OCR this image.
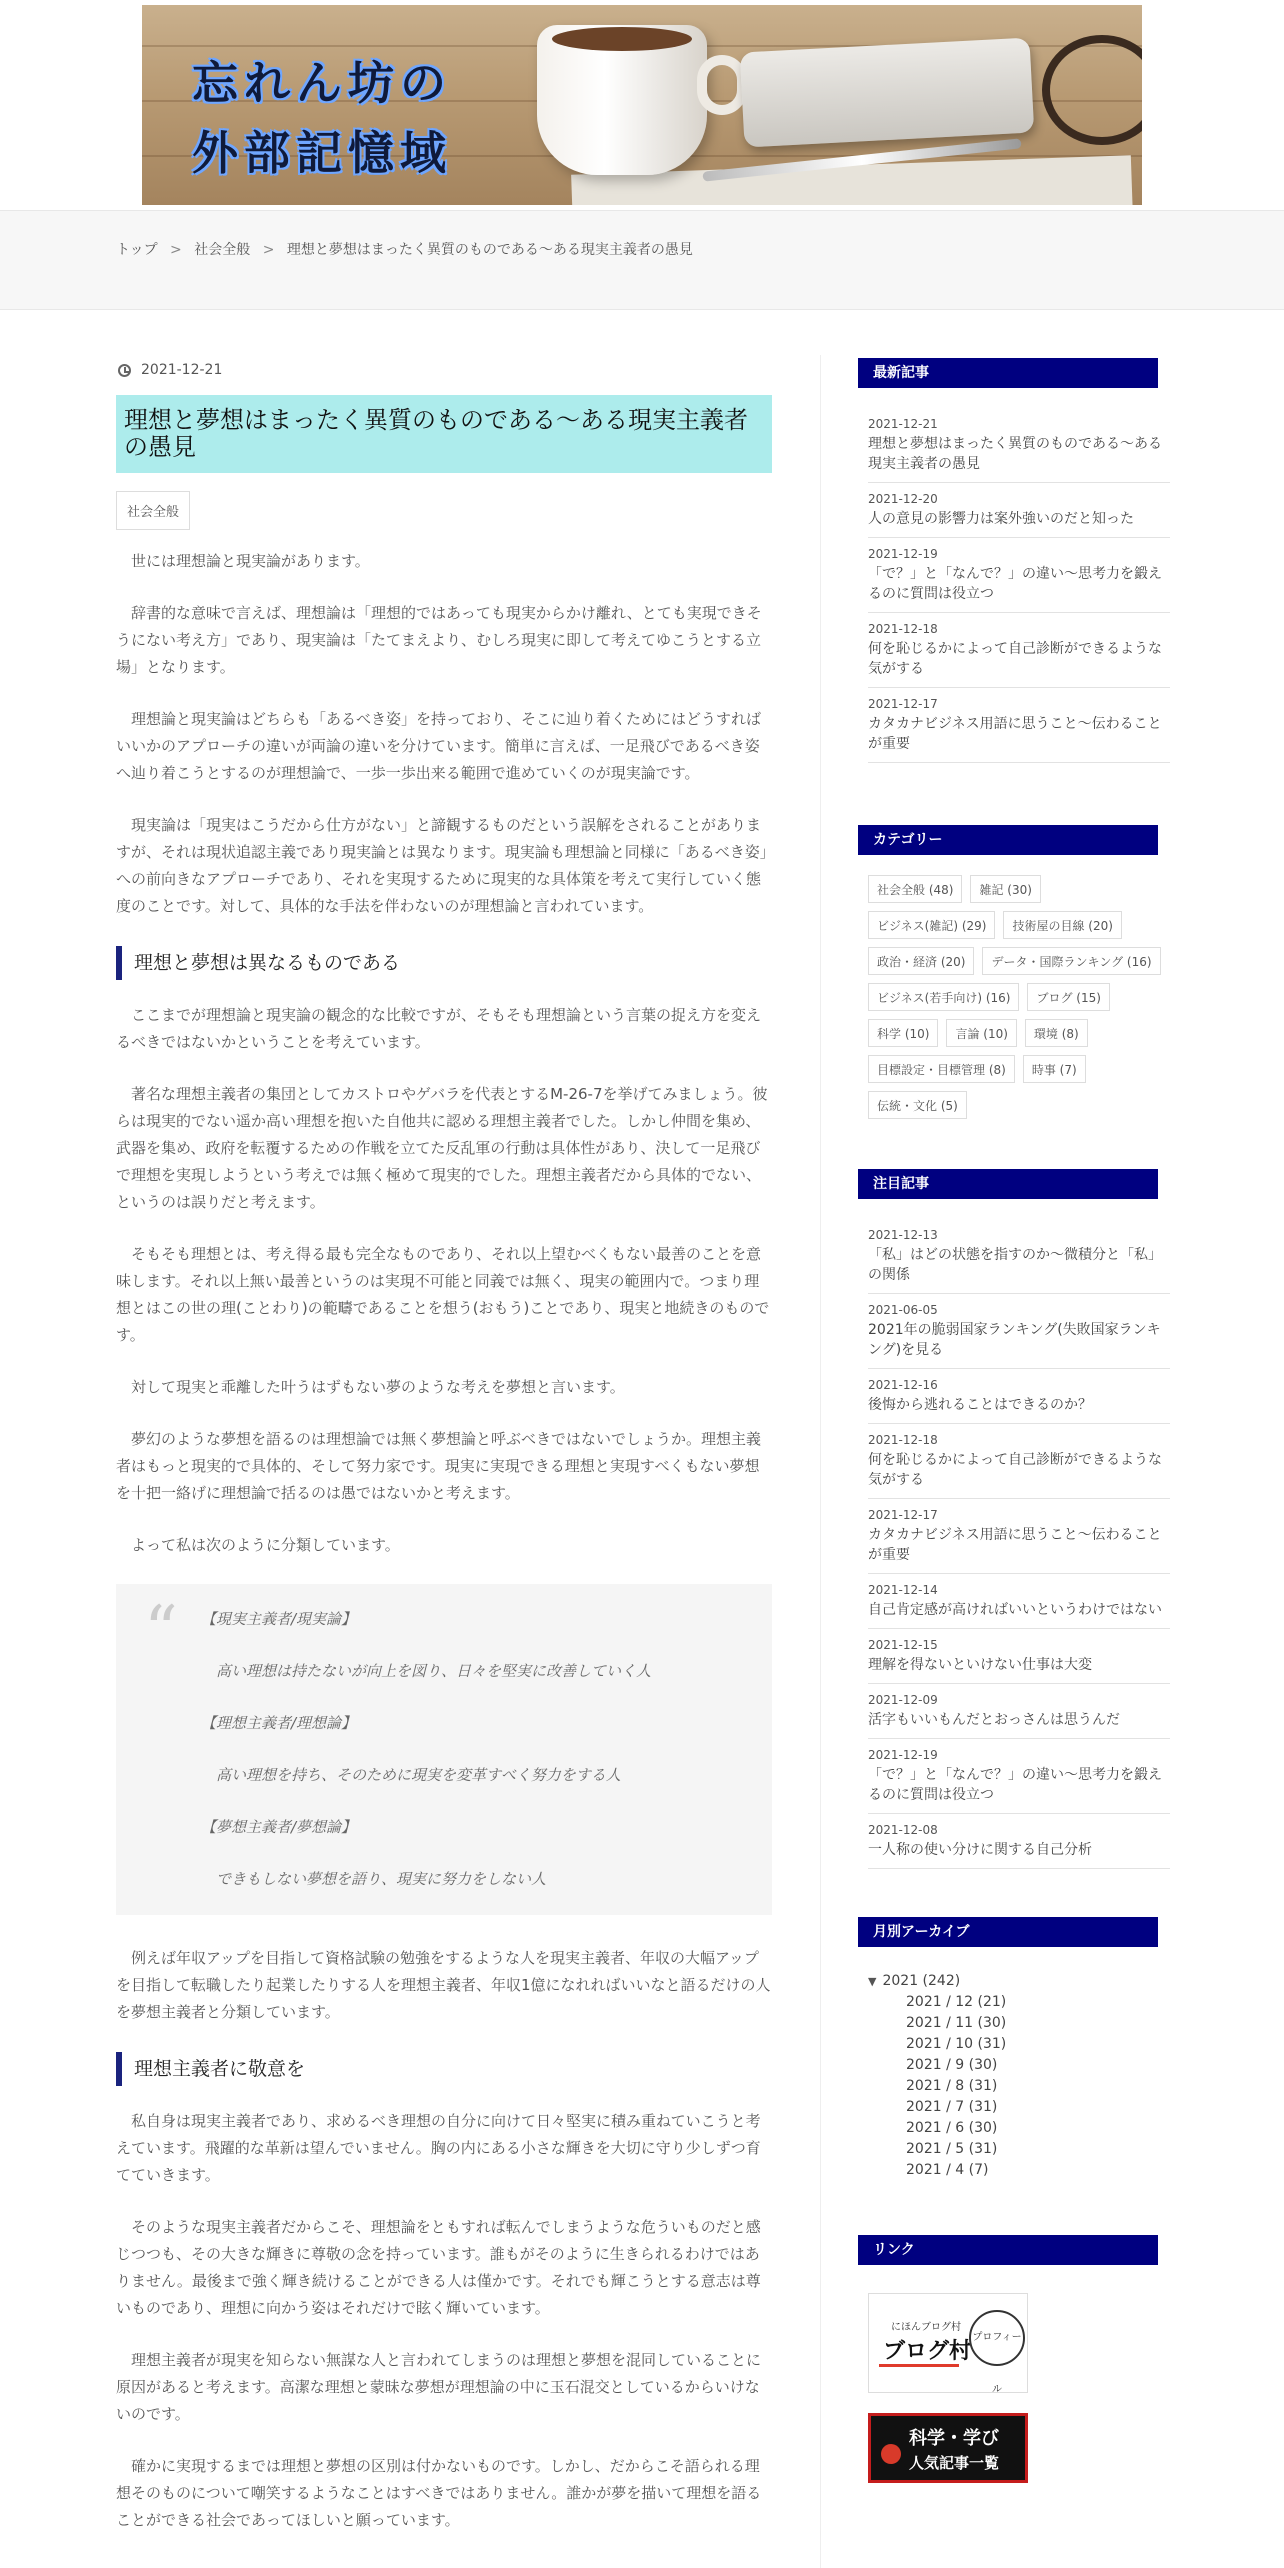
忘れん坊の
外部記憶域
トップ > 社会全般 > 理想と夢想はまったく異質のものである～ある現実主義者の愚見
2021-12-21
理想と夢想はまったく異質のものである～ある現実主義者の愚見
社会全般

世には理想論と現実論があります。

辞書的な意味で言えば、理想論は「理想的ではあっても現実からかけ離れ、とても実現できそうにない考え方」であり、現実論は「たてまえより、むしろ現実に即して考えてゆこうとする立場」となります。

理想論と現実論はどちらも「あるべき姿」を持っており、そこに辿り着くためにはどうすればいいかのアプローチの違いが両論の違いを分けています。簡単に言えば、一足飛びであるべき姿へ辿り着こうとするのが理想論で、一歩一歩出来る範囲で進めていくのが現実論です。

現実論は「現実はこうだから仕方がない」と諦観するものだという誤解をされることがありますが、それは現状追認主義であり現実論とは異なります。現実論も理想論と同様に「あるべき姿」への前向きなアプローチであり、それを実現するために現実的な具体策を考えて実行していく態度のことです。対して、具体的な手法を伴わないのが理想論と言われています。

理想と夢想は異なるものである

ここまでが理想論と現実論の観念的な比較ですが、そもそも理想論という言葉の捉え方を変えるべきではないかということを考えています。

著名な理想主義者の集団としてカストロやゲバラを代表とするM-26-7を挙げてみましょう。彼らは現実的でない遥か高い理想を抱いた自他共に認める理想主義者でした。しかし仲間を集め、武器を集め、政府を転覆するための作戦を立てた反乱軍の行動は具体性があり、決して一足飛びで理想を実現しようという考えでは無く極めて現実的でした。理想主義者だから具体的でない、というのは誤りだと考えます。

そもそも理想とは、考え得る最も完全なものであり、それ以上望むべくもない最善のことを意味します。それ以上無い最善というのは実現不可能と同義では無く、現実の範囲内で。つまり理想とはこの世の理(ことわり)の範疇であることを想う(おもう)ことであり、現実と地続きのものです。

対して現実と乖離した叶うはずもない夢のような考えを夢想と言います。

夢幻のような夢想を語るのは理想論では無く夢想論と呼ぶべきではないでしょうか。理想主義者はもっと現実的で具体的、そして努力家です。現実に実現できる理想と実現すべくもない夢想を十把一絡げに理想論で括るのは愚ではないかと考えます。

よって私は次のように分類しています。

“ 【現実主義者/現実論】

高い理想は持たないが向上を図り、日々を堅実に改善していく人

【理想主義者/理想論】

高い理想を持ち、そのために現実を変革すべく努力をする人

【夢想主義者/夢想論】

できもしない夢想を語り、現実に努力をしない人

例えば年収アップを目指して資格試験の勉強をするような人を現実主義者、年収の大幅アップを目指して転職したり起業したりする人を理想主義者、年収1億になれればいいなと語るだけの人を夢想主義者と分類しています。

理想主義者に敬意を

私自身は現実主義者であり、求めるべき理想の自分に向けて日々堅実に積み重ねていこうと考えています。飛躍的な革新は望んでいません。胸の内にある小さな輝きを大切に守り少しずつ育てていきます。

そのような現実主義者だからこそ、理想論をともすれば転んでしまうような危ういものだと感じつつも、その大きな輝きに尊敬の念を持っています。誰もがそのように生きられるわけではありません。最後まで強く輝き続けることができる人は僅かです。それでも輝こうとする意志は尊いものであり、理想に向かう姿はそれだけで眩く輝いています。

理想主義者が現実を知らない無謀な人と言われてしまうのは理想と夢想を混同していることに原因があると考えます。高潔な理想と蒙昧な夢想が理想論の中に玉石混交としているからいけないのです。

確かに実現するまでは理想と夢想の区別は付かないものです。しかし、だからこそ語られる理想そのものについて嘲笑するようなことはすべきではありません。誰かが夢を描いて理想を語ることができる社会であってほしいと願っています。

最新記事
2021-12-21
理想と夢想はまったく異質のものである～ある現実主義者の愚見
2021-12-20
人の意見の影響力は案外強いのだと知った
2021-12-19
「で？」と「なんで？」の違い～思考力を鍛えるのに質問は役立つ
2021-12-18
何を恥じるかによって自己診断ができるような気がする
2021-12-17
カタカナビジネス用語に思うこと～伝わることが重要
カテゴリー
社会全般 (48)	雑記 (30)
ビジネス(雑記) (29)	技術屋の目線 (20)
政治・経済 (20)	データ・国際ランキング (16)
ビジネス(若手向け) (16)	ブログ (15)
科学 (10)	言論 (10)	環境 (8)
目標設定・目標管理 (8)	時事 (7)
伝統・文化 (5)
注目記事
2021-12-13
「私」はどの状態を指すのか～微積分と「私」の関係
2021-06-05
2021年の脆弱国家ランキング(失敗国家ランキング)を見る
2021-12-16
後悔から逃れることはできるのか？
2021-12-18
何を恥じるかによって自己診断ができるような気がする
2021-12-17
カタカナビジネス用語に思うこと～伝わることが重要
2021-12-14
自己肯定感が高ければいいというわけではない
2021-12-15
理解を得ないといけない仕事は大変
2021-12-09
活字もいいもんだとおっさんは思うんだ
2021-12-19
「で？」と「なんで？」の違い～思考力を鍛えるのに質問は役立つ
2021-12-08
一人称の使い分けに関する自己分析
月別アーカイブ
▼ 2021 (242)
2021 / 12 (21)
2021 / 11 (30)
2021 / 10 (31)
2021 / 9 (30)
2021 / 8 (31)
2021 / 7 (31)
2021 / 6 (30)
2021 / 5 (31)
2021 / 4 (7)
リンク
にほんブログ村
ブログ村
プロフィール
科学・学び
人気記事一覧
